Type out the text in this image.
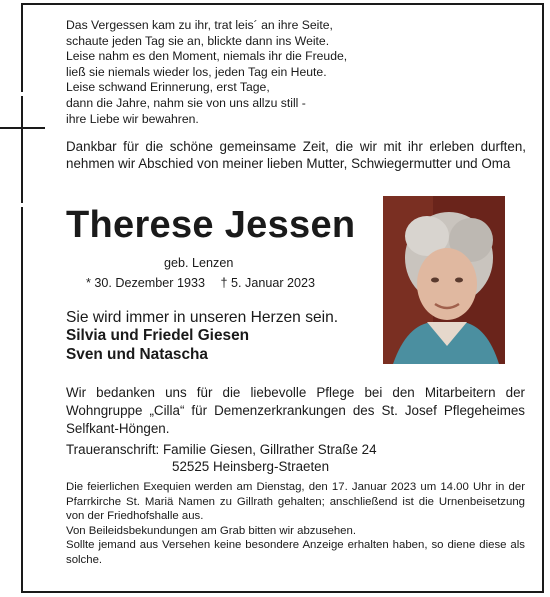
Das Vergessen kam zu ihr, trat leis´ an ihre Seite,
schaute jeden Tag sie an, blickte dann ins Weite.
Leise nahm es den Moment, niemals ihr die Freude,
ließ sie niemals wieder los, jeden Tag ein Heute.
Leise schwand Erinnerung, erst Tage,
dann die Jahre, nahm sie von uns allzu still -
ihre Liebe wir bewahren.
Dankbar für die schöne gemeinsame Zeit, die wir mit ihr erleben durften, nehmen wir Abschied von meiner lieben Mutter, Schwiegermutter und Oma
Therese Jessen
geb. Lenzen
* 30. Dezember 1933 † 5. Januar 2023
Sie wird immer in unseren Herzen sein.
Silvia und Friedel Giesen
Sven und Natascha
Wir bedanken uns für die liebevolle Pflege bei den Mitarbeitern der Wohngruppe „Cilla“ für Demenzerkrankungen des St. Josef Pflegeheimes Selfkant-Höngen.
Traueranschrift: Familie Giesen, Gillrather Straße 24
52525 Heinsberg-Straeten

Die feierlichen Exequien werden am Dienstag, den 17. Januar 2023 um 14.00 Uhr in der Pfarrkirche St. Mariä Namen zu Gillrath gehalten; anschließend ist die Urnenbeisetzung von der Friedhofshalle aus.

Von Beileidsbekundungen am Grab bitten wir abzusehen.

Sollte jemand aus Versehen keine besondere Anzeige erhalten haben, so diene diese als solche.
